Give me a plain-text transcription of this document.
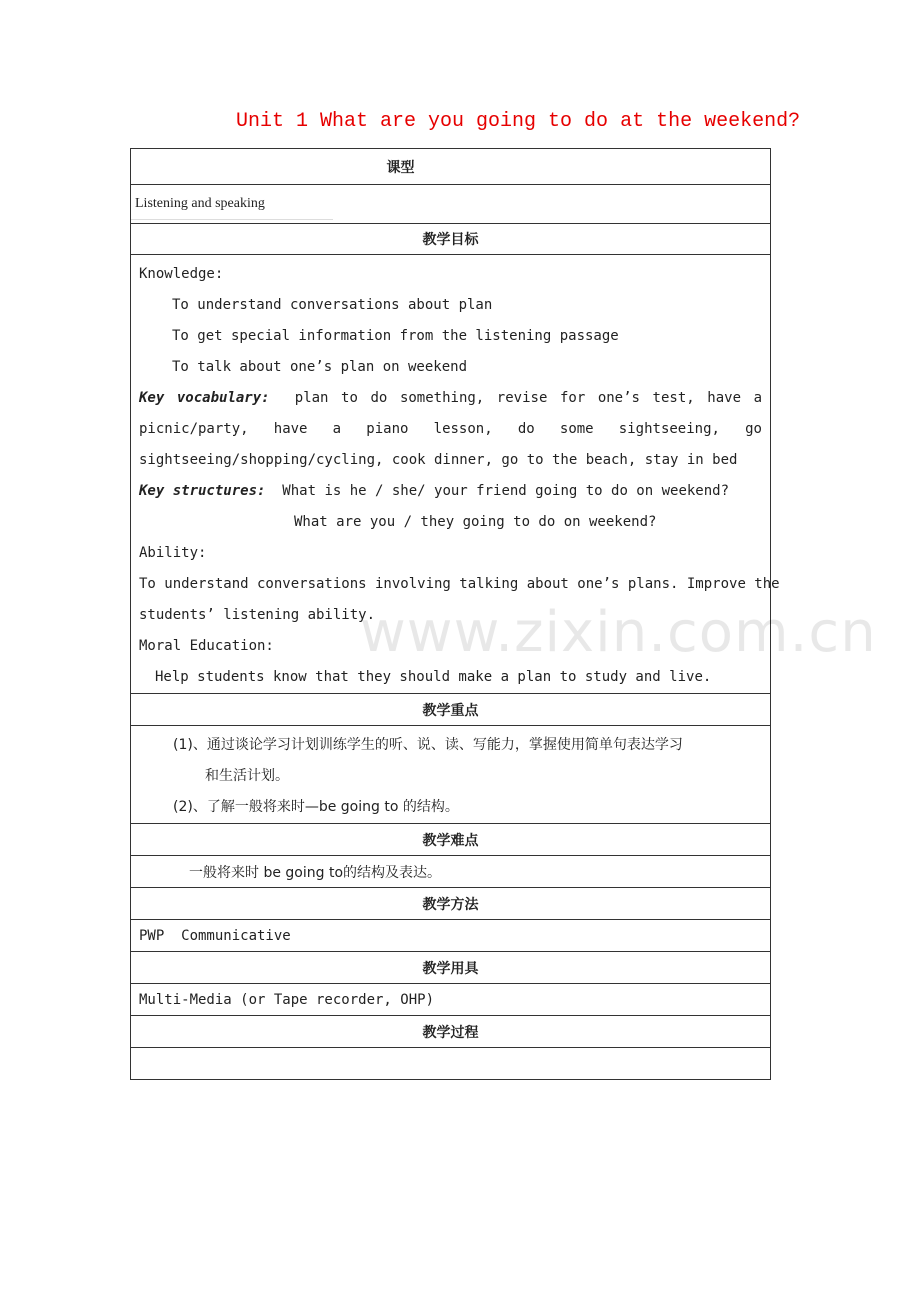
Unit 1 What are you going to do at the weekend?
课型
Listening and speaking
教学目标

Knowledge:
To understand conversations about plan
To get special information from the listening passage
To talk about one’s plan on weekend
Key vocabulary: plan to do something, revise for one’s test, have a
picnic/party, have a piano lesson, do some sightseeing, go
sightseeing/shopping/cycling, cook dinner, go to the beach, stay in bed
Key structures: What is he / she/ your friend going to do on weekend?
What are you / they going to do on weekend?
Ability:
To understand conversations involving talking about one’s plans. Improve the
students’ listening ability.
Moral Education:
Help students know that they should make a plan to study and live.

教学重点

(1)、通过谈论学习计划训练学生的听、说、读、写能力，掌握使用简单句表达学习
和生活计划。
(2)、了解一般将来时—be going to 的结构。

教学难点
一般将来时 be going to的结构及表达。
教学方法
PWP  Communicative
教学用具
Multi-Media (or Tape recorder, OHP)
教学过程

www.zixin.com.cn
